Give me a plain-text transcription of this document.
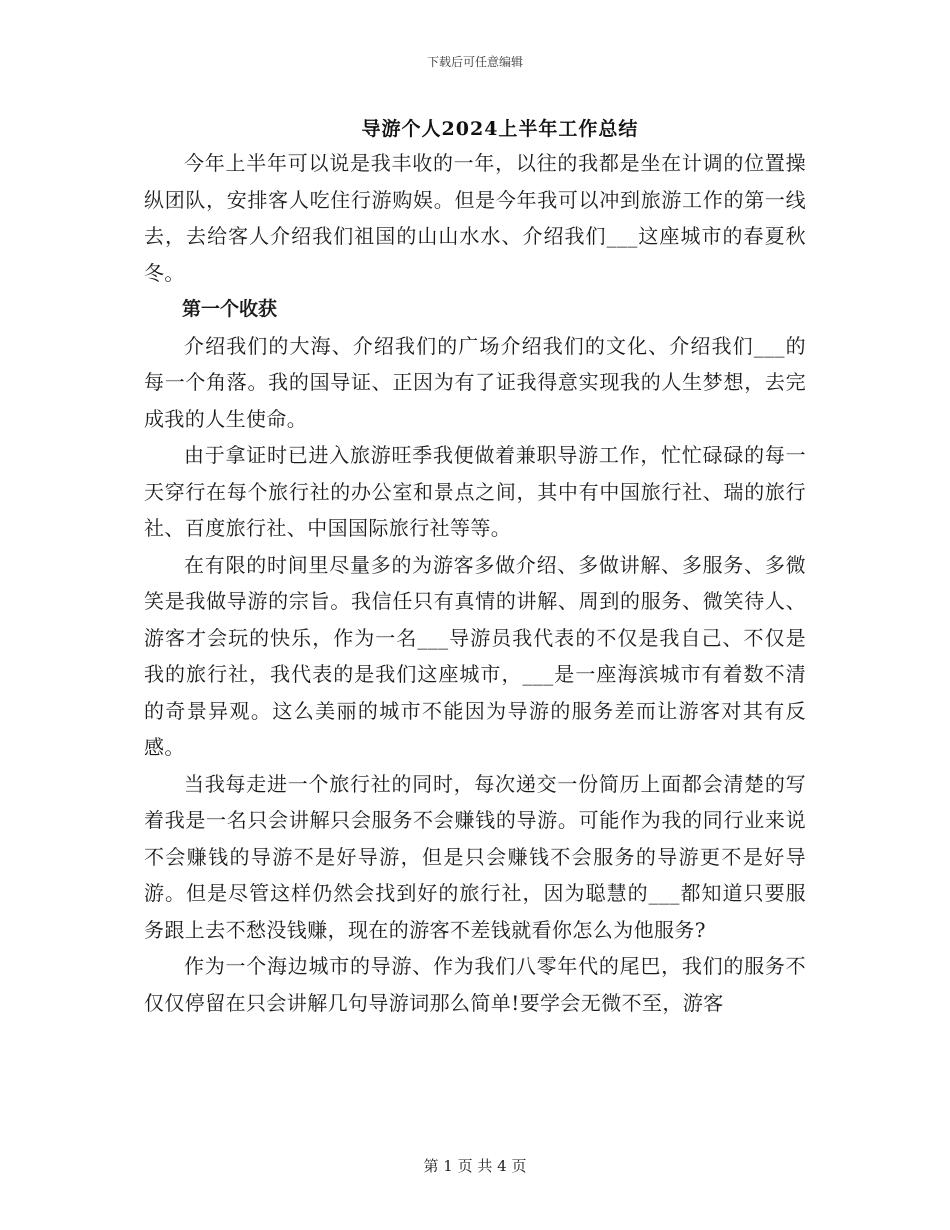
下载后可任意编辑
导游个人2024上半年工作总结

今年上半年可以说是我丰收的一年，以往的我都是坐在计调的位置操纵团队，安排客人吃住行游购娱。但是今年我可以冲到旅游工作的第一线去，去给客人介绍我们祖国的山山水水、介绍我们___这座城市的春夏秋冬。

第一个收获

介绍我们的大海、介绍我们的广场介绍我们的文化、介绍我们___的每一个角落。我的国导证、正因为有了证我得意实现我的人生梦想，去完成我的人生使命。

由于拿证时已进入旅游旺季我便做着兼职导游工作，忙忙碌碌的每一天穿行在每个旅行社的办公室和景点之间，其中有中国旅行社、瑞的旅行社、百度旅行社、中国国际旅行社等等。

在有限的时间里尽量多的为游客多做介绍、多做讲解、多服务、多微笑是我做导游的宗旨。我信任只有真情的讲解、周到的服务、微笑待人、游客才会玩的快乐，作为一名___导游员我代表的不仅是我自己、不仅是我的旅行社，我代表的是我们这座城市，___是一座海滨城市有着数不清的奇景异观。这么美丽的城市不能因为导游的服务差而让游客对其有反感。

当我每走进一个旅行社的同时，每次递交一份简历上面都会清楚的写着我是一名只会讲解只会服务不会赚钱的导游。可能作为我的同行业来说不会赚钱的导游不是好导游，但是只会赚钱不会服务的导游更不是好导游。但是尽管这样仍然会找到好的旅行社，因为聪慧的___都知道只要服务跟上去不愁没钱赚，现在的游客不差钱就看你怎么为他服务?

作为一个海边城市的导游、作为我们八零年代的尾巴，我们的服务不仅仅停留在只会讲解几句导游词那么简单!要学会无微不至，游客

第 1 页 共 4 页
